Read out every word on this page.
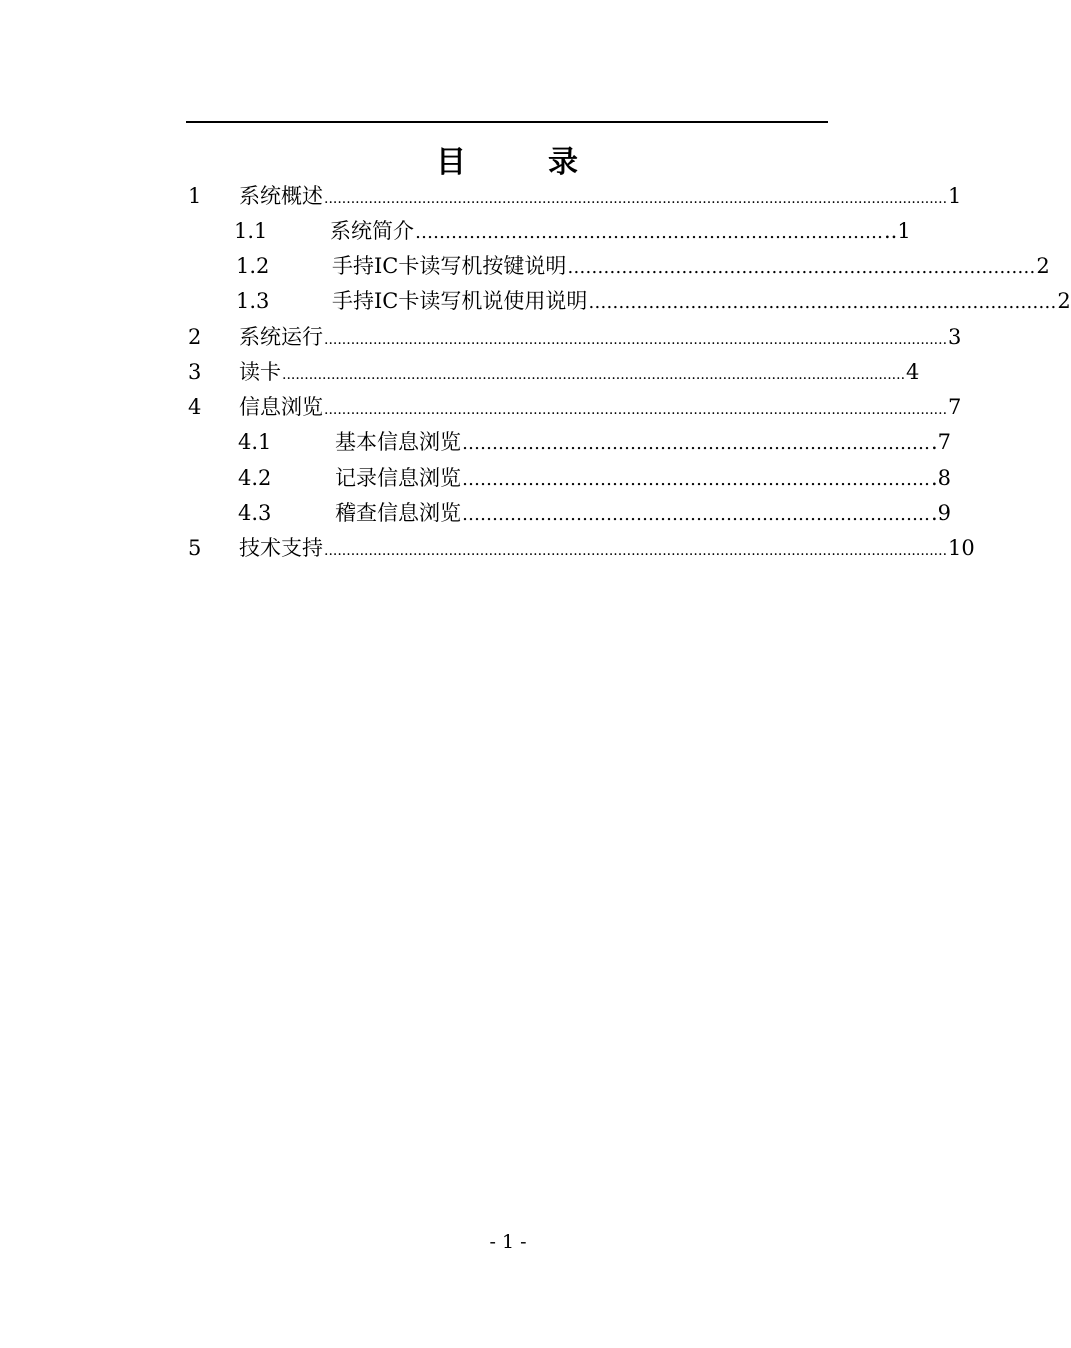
目　录
1	系统概述 ............................................................................................................................................ 1
1.1	系统简介 …………………………………………………………………… ..1
1.2	手持IC卡读写机按键说明 …………………………………………………………………… 2
1.3	手持IC卡读写机说使用说明 …………………………………………………………………… 2
2	系统运行 ............................................................................................................................................ 3
3	读卡 ............................................................................................................................................ 4
4	信息浏览 ............................................................................................................................................ 7
4.1	基本信息浏览 …………………………………………………………………… .7
4.2	记录信息浏览 …………………………………………………………………… .8
4.3	稽查信息浏览 …………………………………………………………………… .9
5	技术支持 ............................................................................................................................................ 10
- 1 -
